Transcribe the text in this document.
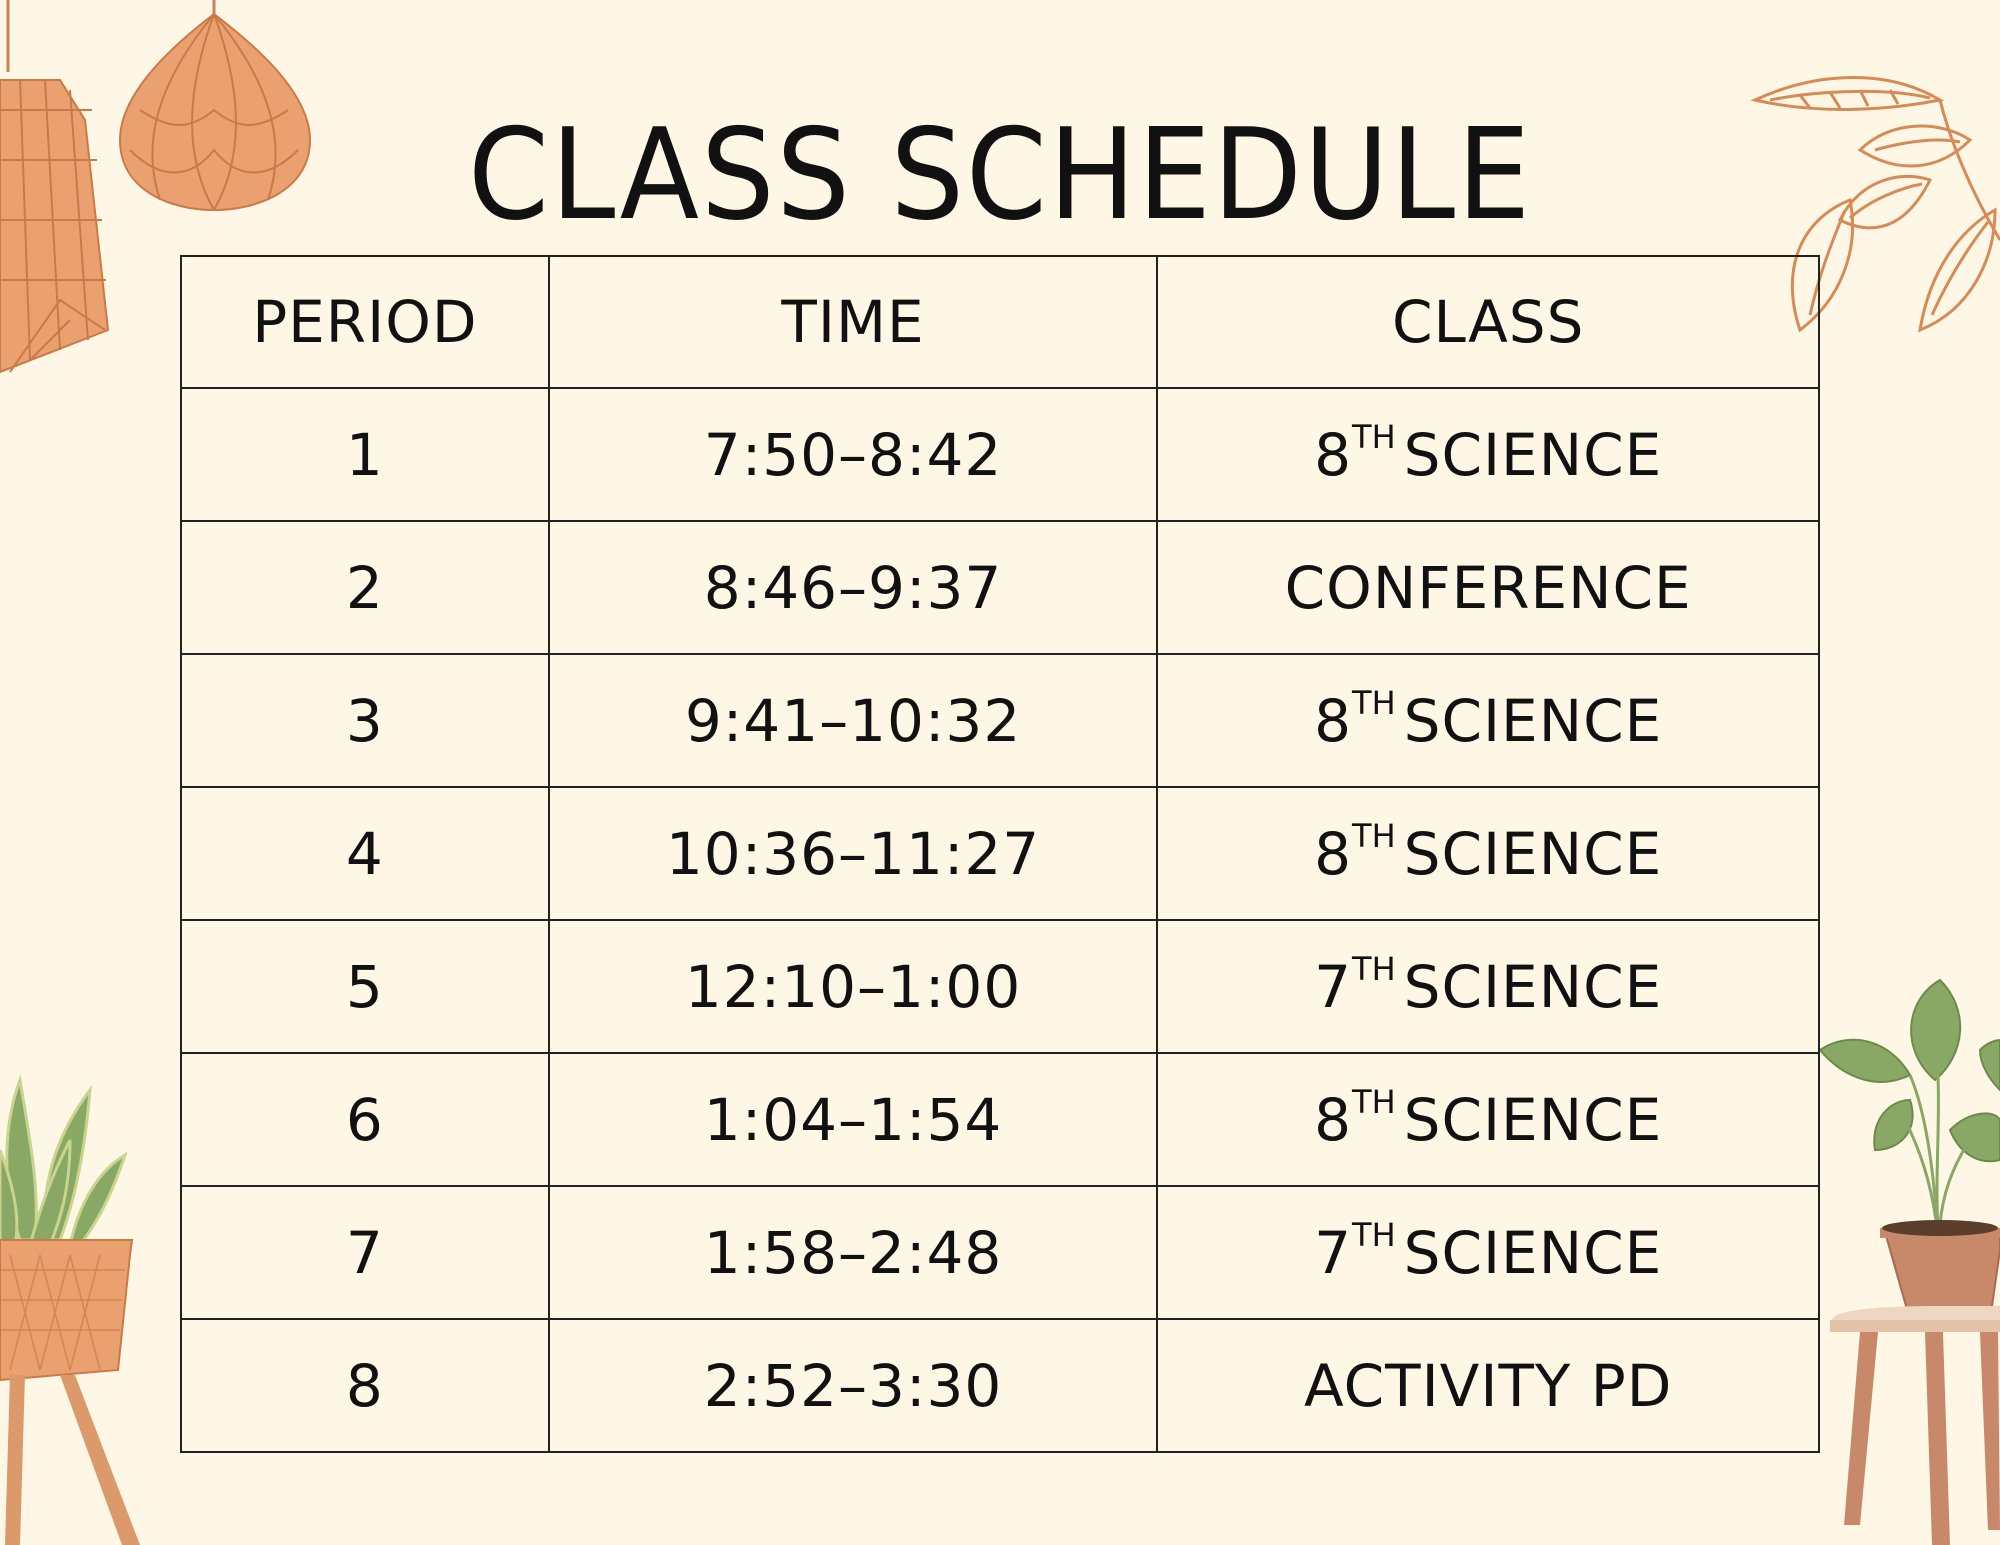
CLASS SCHEDULE
PERIOD	TIME	CLASS
1	7:50–8:42	8TH SCIENCE
2	8:46–9:37	CONFERENCE
3	9:41–10:32	8TH SCIENCE
4	10:36–11:27	8TH SCIENCE
5	12:10–1:00	7TH SCIENCE
6	1:04–1:54	8TH SCIENCE
7	1:58–2:48	7TH SCIENCE
8	2:52–3:30	ACTIVITY PD
